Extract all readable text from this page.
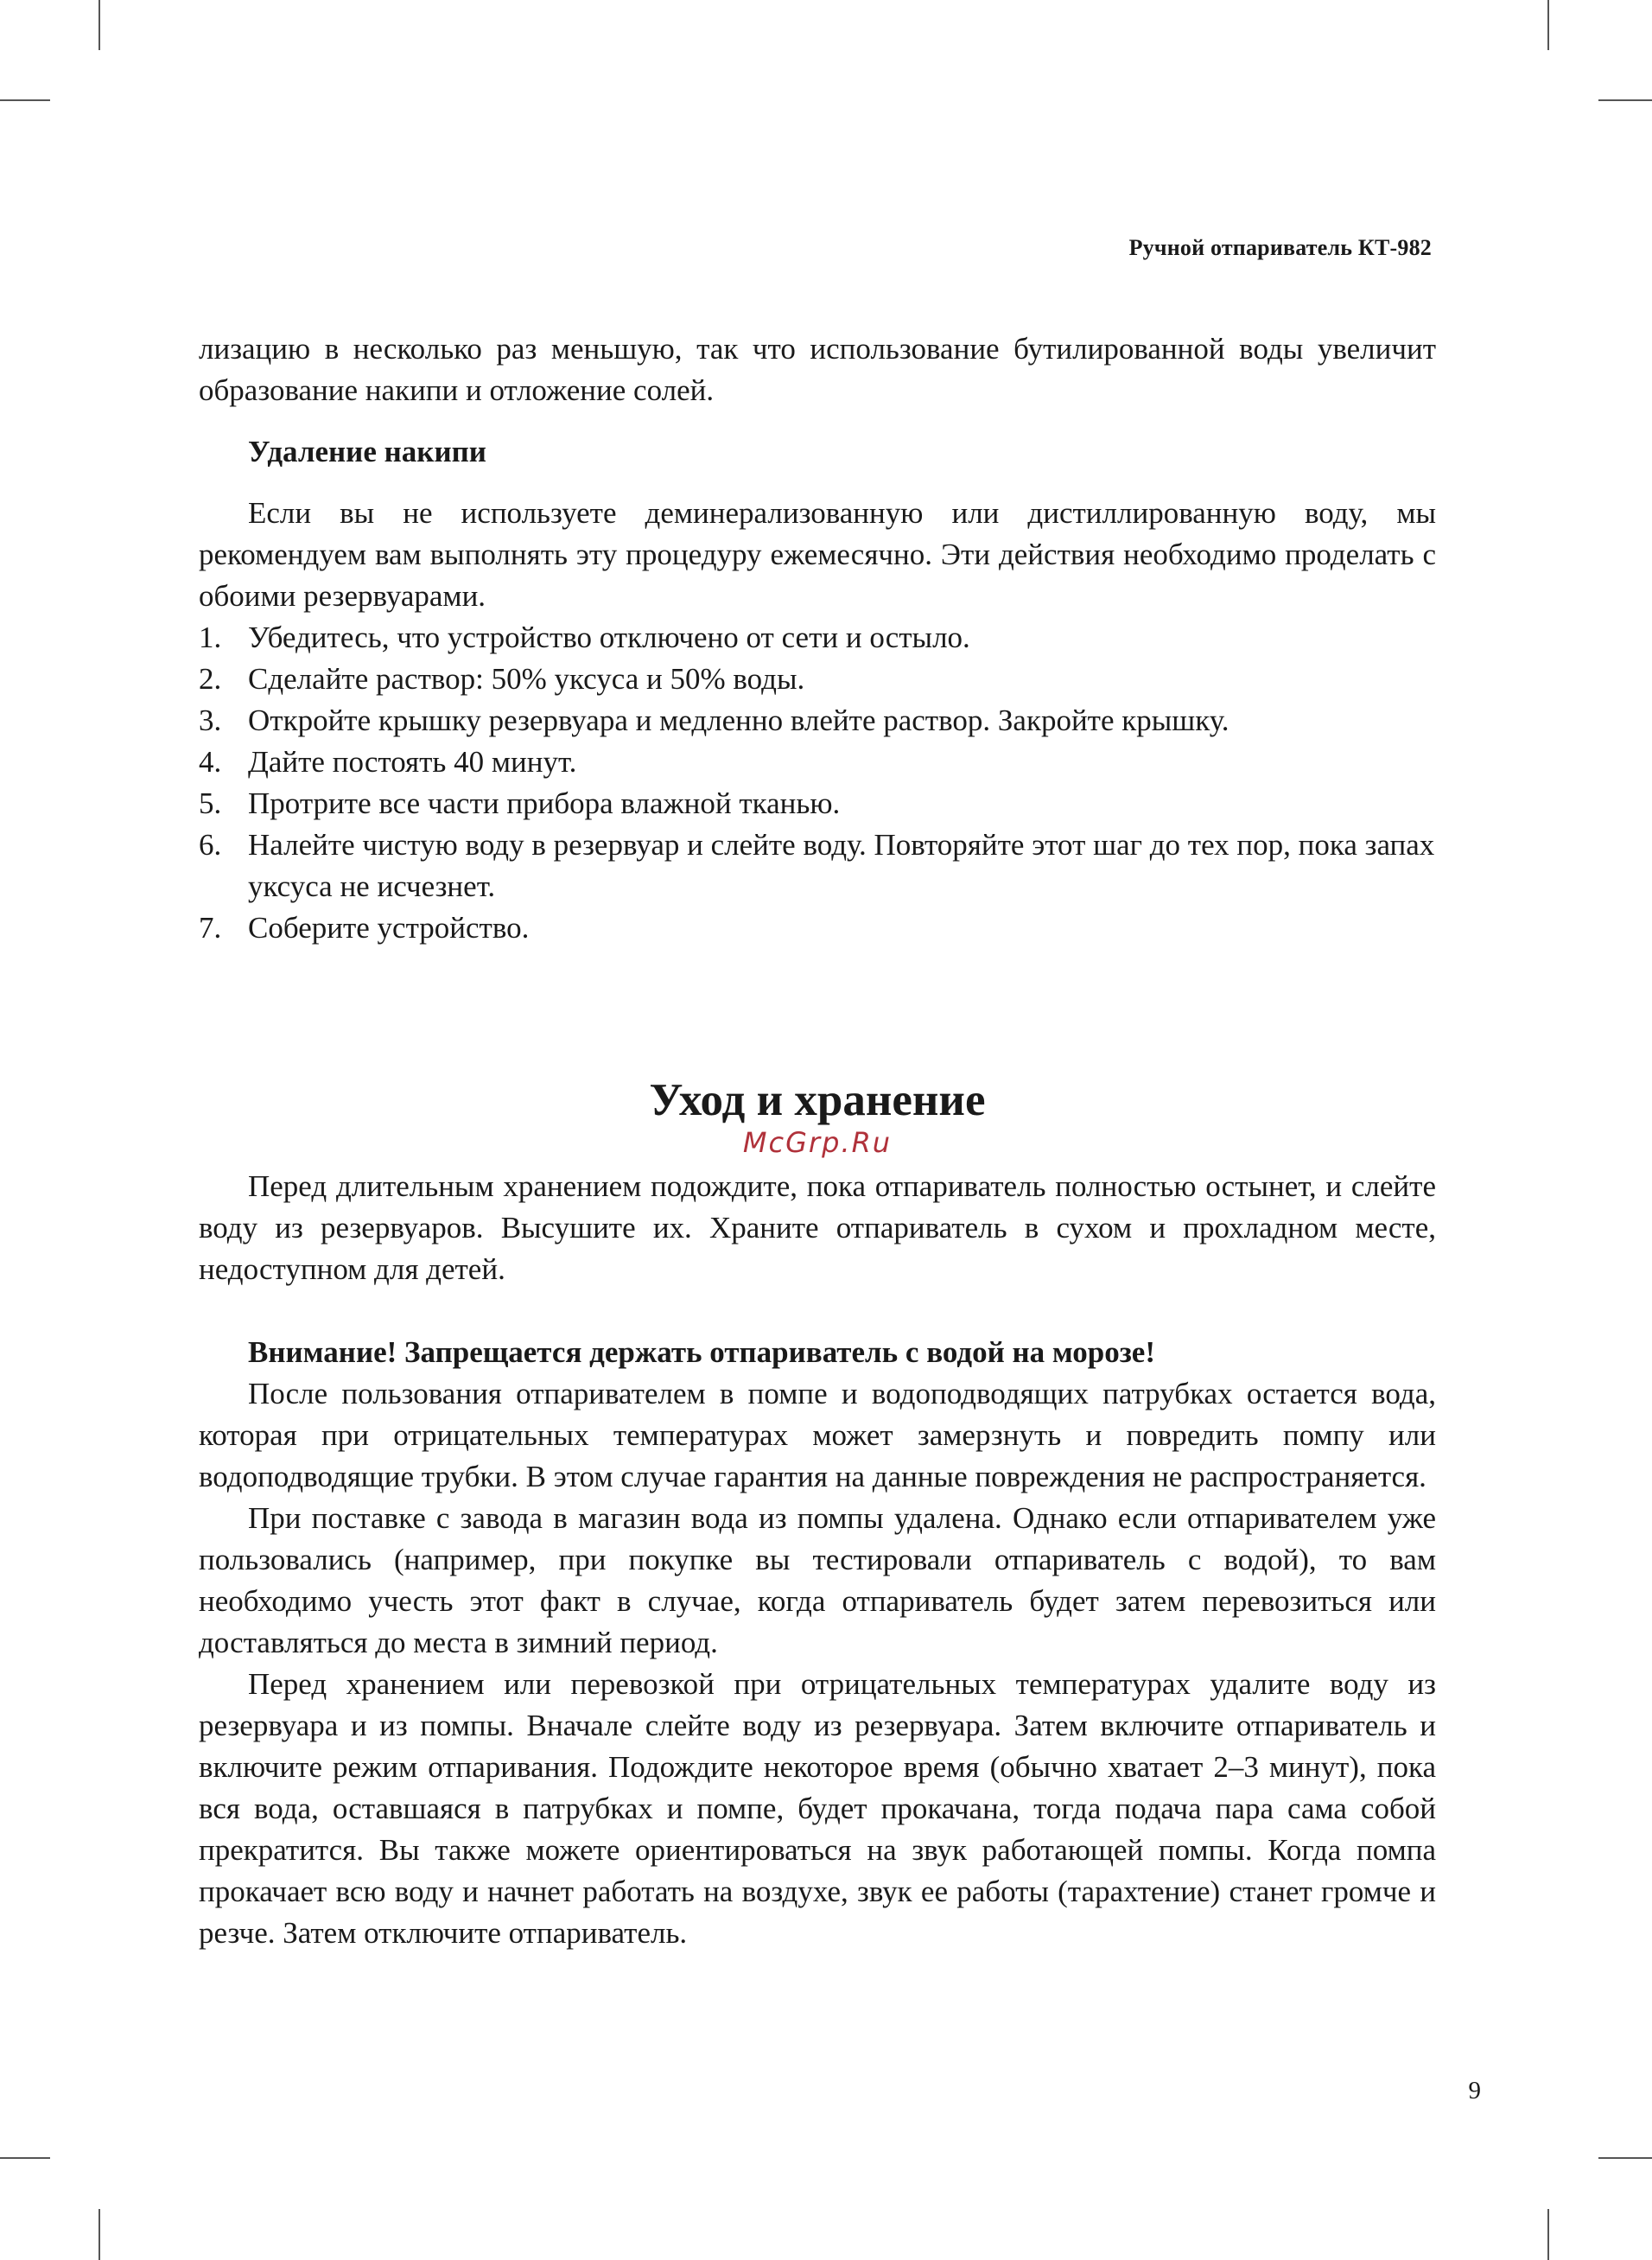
Ручной отпариватель КТ-982

лизацию в несколько раз меньшую, так что использование бутилированной воды увеличит образование накипи и отложение солей.

Удаление накипи

Если вы не используете деминерализованную или дистиллированную воду, мы рекомендуем вам выполнять эту процедуру ежемесячно. Эти действия необходимо проделать с обоими резервуарами.

1. Убедитесь, что устройство отключено от сети и остыло.
2. Сделайте раствор: 50% уксуса и 50% воды.
3. Откройте крышку резервуара и медленно влейте раствор. Закройте крышку.
4. Дайте постоять 40 минут.
5. Протрите все части прибора влажной тканью.
6. Налейте чистую воду в резервуар и слейте воду. Повторяйте этот шаг до тех пор, пока запах уксуса не исчезнет.
7. Соберите устройство.

Уход и хранение

McGrp.Ru

Перед длительным хранением подождите, пока отпариватель полностью остынет, и слейте воду из резервуаров. Высушите их. Храните отпариватель в сухом и прохладном месте, недоступном для детей.

Внимание! Запрещается держать отпариватель с водой на морозе!

После пользования отпаривателем в помпе и водоподводящих патрубках остается вода, которая при отрицательных температурах может замерзнуть и повредить помпу или водоподводящие трубки. В этом случае гарантия на данные повреждения не распространяется.

При поставке с завода в магазин вода из помпы удалена. Однако если отпаривателем уже пользовались (например, при покупке вы тестировали отпариватель с водой), то вам необходимо учесть этот факт в случае, когда отпариватель будет затем перевозиться или доставляться до места в зимний период.

Перед хранением или перевозкой при отрицательных температурах удалите воду из резервуара и из помпы. Вначале слейте воду из резервуара. Затем включите отпариватель и включите режим отпаривания. Подождите некоторое время (обычно хватает 2–3 минут), пока вся вода, оставшаяся в патрубках и помпе, будет прокачана, тогда подача пара сама собой прекратится. Вы также можете ориентироваться на звук работающей помпы. Когда помпа прокачает всю воду и начнет работать на воздухе, звук ее работы (тарахтение) станет громче и резче. Затем отключите отпариватель.

9
